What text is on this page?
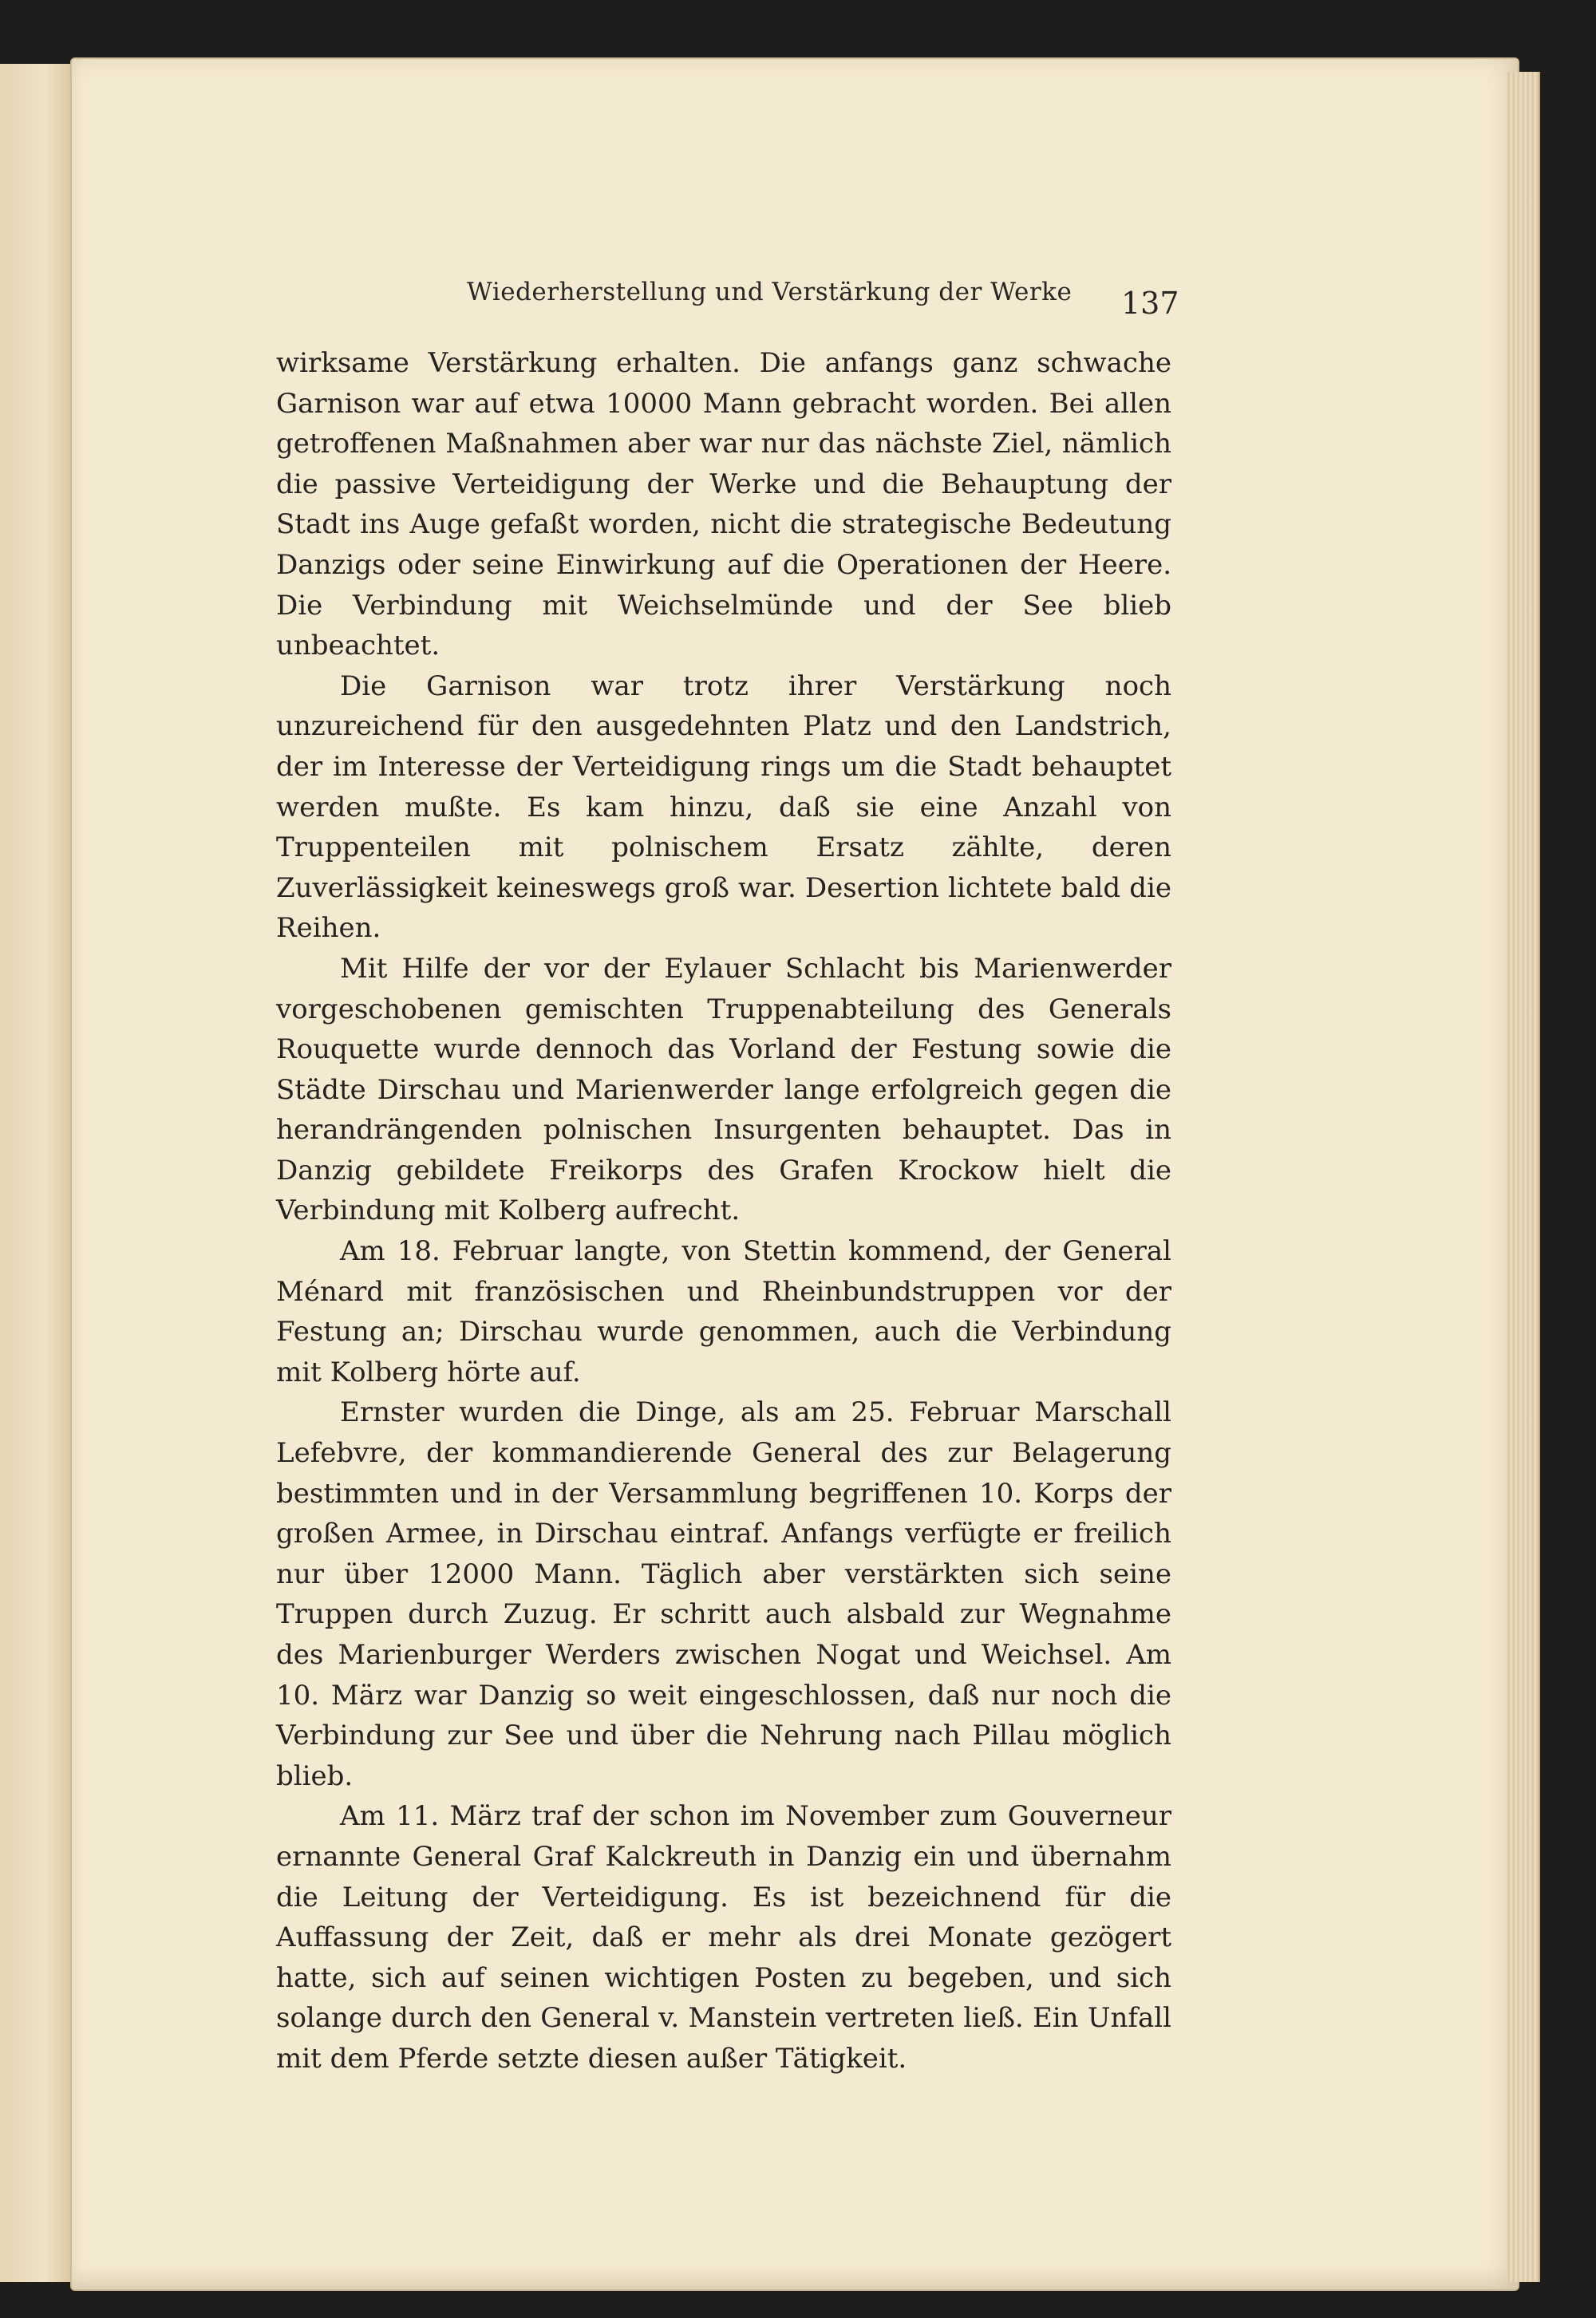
Wiederherstellung und Verstärkung der Werke	137

wirksame Verstärkung erhalten. Die anfangs ganz schwache Garnison war auf etwa 10000 Mann gebracht worden. Bei allen getroffenen Maßnahmen aber war nur das nächste Ziel, nämlich die passive Verteidigung der Werke und die Behauptung der Stadt ins Auge gefaßt worden, nicht die strategische Bedeutung Danzigs oder seine Einwirkung auf die Operationen der Heere. Die Verbindung mit Weichselmünde und der See blieb unbeachtet.

Die Garnison war trotz ihrer Verstärkung noch unzureichend für den ausgedehnten Platz und den Landstrich, der im Interesse der Verteidigung rings um die Stadt behauptet werden mußte. Es kam hinzu, daß sie eine Anzahl von Truppenteilen mit polnischem Ersatz zählte, deren Zuverlässigkeit keineswegs groß war. Desertion lichtete bald die Reihen.

Mit Hilfe der vor der Eylauer Schlacht bis Marienwerder vorgeschobenen gemischten Truppenabteilung des Generals Rouquette wurde dennoch das Vorland der Festung sowie die Städte Dirschau und Marienwerder lange erfolgreich gegen die herandrängenden polnischen Insurgenten behauptet. Das in Danzig gebildete Freikorps des Grafen Krockow hielt die Verbindung mit Kolberg aufrecht.

Am 18. Februar langte, von Stettin kommend, der General Ménard mit französischen und Rheinbundstruppen vor der Festung an; Dirschau wurde genommen, auch die Verbindung mit Kolberg hörte auf.

Ernster wurden die Dinge, als am 25. Februar Marschall Lefebvre, der kommandierende General des zur Belagerung bestimmten und in der Versammlung begriffenen 10. Korps der großen Armee, in Dirschau eintraf. Anfangs verfügte er freilich nur über 12000 Mann. Täglich aber verstärkten sich seine Truppen durch Zuzug. Er schritt auch alsbald zur Wegnahme des Marienburger Werders zwischen Nogat und Weichsel. Am 10. März war Danzig so weit eingeschlossen, daß nur noch die Verbindung zur See und über die Nehrung nach Pillau möglich blieb.

Am 11. März traf der schon im November zum Gouverneur ernannte General Graf Kalckreuth in Danzig ein und übernahm die Leitung der Verteidigung. Es ist bezeichnend für die Auffassung der Zeit, daß er mehr als drei Monate gezögert hatte, sich auf seinen wichtigen Posten zu begeben, und sich solange durch den General v. Manstein vertreten ließ. Ein Unfall mit dem Pferde setzte diesen außer Tätigkeit.
